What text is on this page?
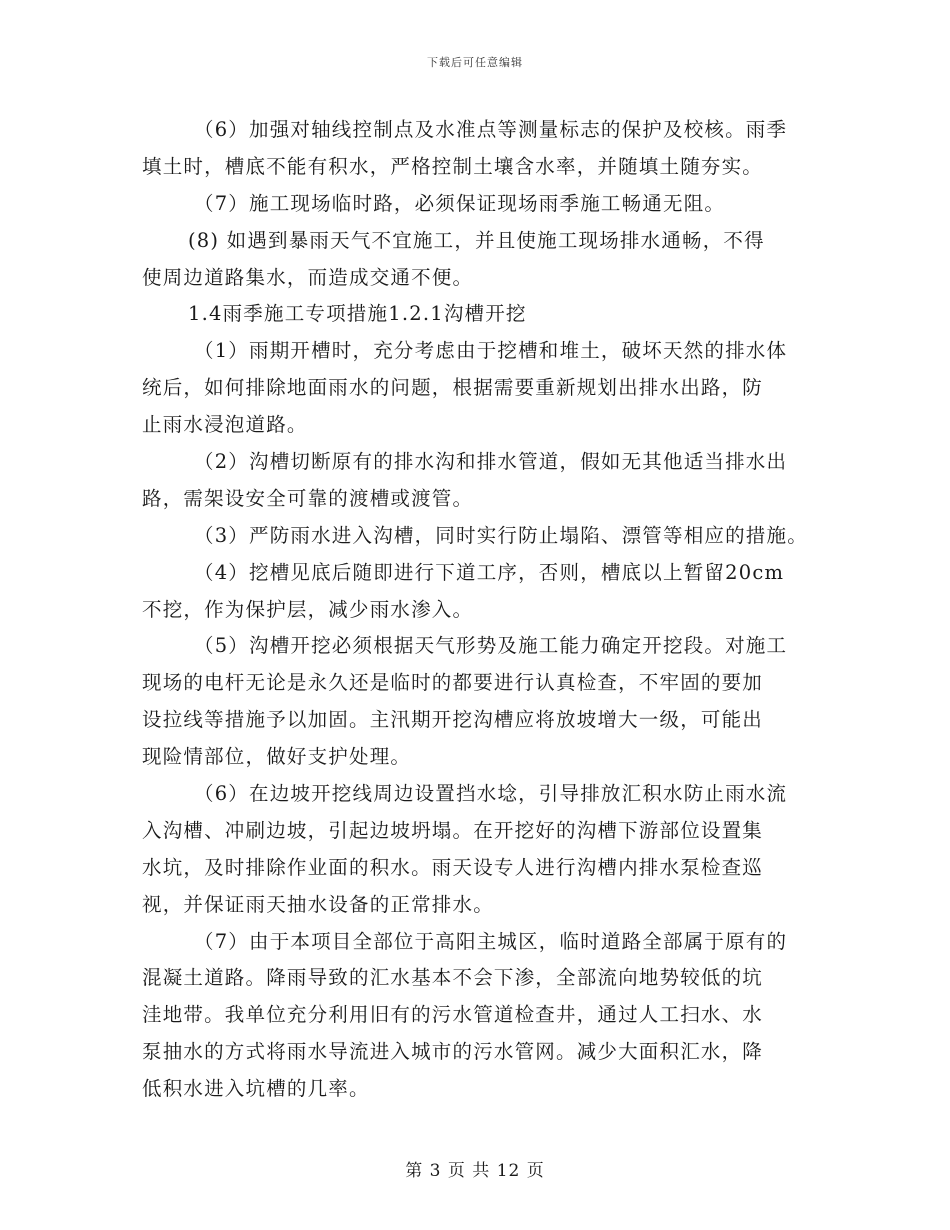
下载后可任意编辑
（6）加强对轴线控制点及水准点等测量标志的保护及校核。雨季
填土时，槽底不能有积水，严格控制土壤含水率，并随填土随夯实。
（7）施工现场临时路，必须保证现场雨季施工畅通无阻。
(8) 如遇到暴雨天气不宜施工，并且使施工现场排水通畅，不得
使周边道路集水，而造成交通不便。
1.4雨季施工专项措施1.2.1沟槽开挖
（1）雨期开槽时，充分考虑由于挖槽和堆土，破坏天然的排水体
统后，如何排除地面雨水的问题，根据需要重新规划出排水出路，防
止雨水浸泡道路。
（2）沟槽切断原有的排水沟和排水管道，假如无其他适当排水出
路，需架设安全可靠的渡槽或渡管。
（3）严防雨水进入沟槽，同时实行防止塌陷、漂管等相应的措施。
（4）挖槽见底后随即进行下道工序，否则，槽底以上暂留20cm
不挖，作为保护层，减少雨水渗入。
（5）沟槽开挖必须根据天气形势及施工能力确定开挖段。对施工
现场的电杆无论是永久还是临时的都要进行认真检查，不牢固的要加
设拉线等措施予以加固。主汛期开挖沟槽应将放坡增大一级，可能出
现险情部位，做好支护处理。
（6）在边坡开挖线周边设置挡水埝，引导排放汇积水防止雨水流
入沟槽、冲刷边坡，引起边坡坍塌。在开挖好的沟槽下游部位设置集
水坑，及时排除作业面的积水。雨天设专人进行沟槽内排水泵检查巡
视，并保证雨天抽水设备的正常排水。
（7）由于本项目全部位于高阳主城区，临时道路全部属于原有的
混凝土道路。降雨导致的汇水基本不会下渗，全部流向地势较低的坑
洼地带。我单位充分利用旧有的污水管道检查井，通过人工扫水、水
泵抽水的方式将雨水导流进入城市的污水管网。减少大面积汇水，降
低积水进入坑槽的几率。
第 3 页 共 12 页
